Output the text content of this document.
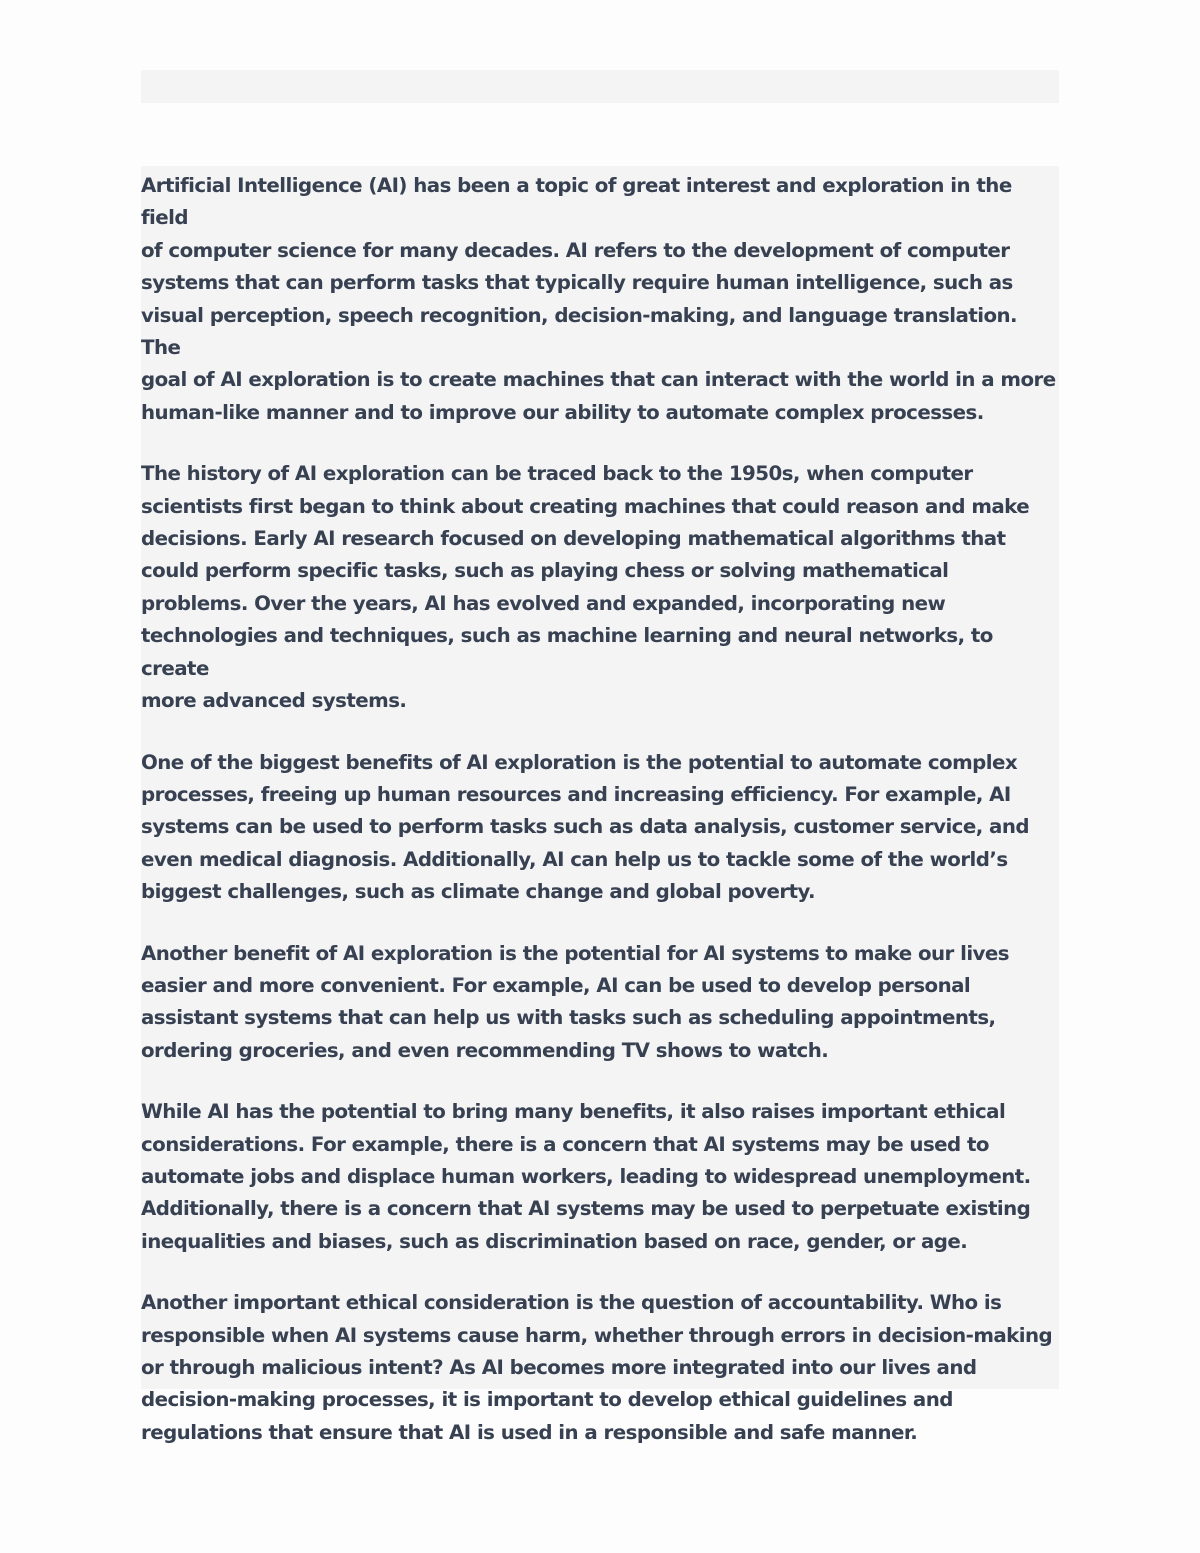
Artificial Intelligence (AI) has been a topic of great interest and exploration in the field
of computer science for many decades. AI refers to the development of computer
systems that can perform tasks that typically require human intelligence, such as
visual perception, speech recognition, decision-making, and language translation. The
goal of AI exploration is to create machines that can interact with the world in a more
human-like manner and to improve our ability to automate complex processes.

The history of AI exploration can be traced back to the 1950s, when computer
scientists first began to think about creating machines that could reason and make
decisions. Early AI research focused on developing mathematical algorithms that
could perform specific tasks, such as playing chess or solving mathematical
problems. Over the years, AI has evolved and expanded, incorporating new
technologies and techniques, such as machine learning and neural networks, to create
more advanced systems.

One of the biggest benefits of AI exploration is the potential to automate complex
processes, freeing up human resources and increasing efficiency. For example, AI
systems can be used to perform tasks such as data analysis, customer service, and
even medical diagnosis. Additionally, AI can help us to tackle some of the world’s
biggest challenges, such as climate change and global poverty.

Another benefit of AI exploration is the potential for AI systems to make our lives
easier and more convenient. For example, AI can be used to develop personal
assistant systems that can help us with tasks such as scheduling appointments,
ordering groceries, and even recommending TV shows to watch.

While AI has the potential to bring many benefits, it also raises important ethical
considerations. For example, there is a concern that AI systems may be used to
automate jobs and displace human workers, leading to widespread unemployment.
Additionally, there is a concern that AI systems may be used to perpetuate existing
inequalities and biases, such as discrimination based on race, gender, or age.

Another important ethical consideration is the question of accountability. Who is
responsible when AI systems cause harm, whether through errors in decision-making
or through malicious intent? As AI becomes more integrated into our lives and
decision-making processes, it is important to develop ethical guidelines and
regulations that ensure that AI is used in a responsible and safe manner.
